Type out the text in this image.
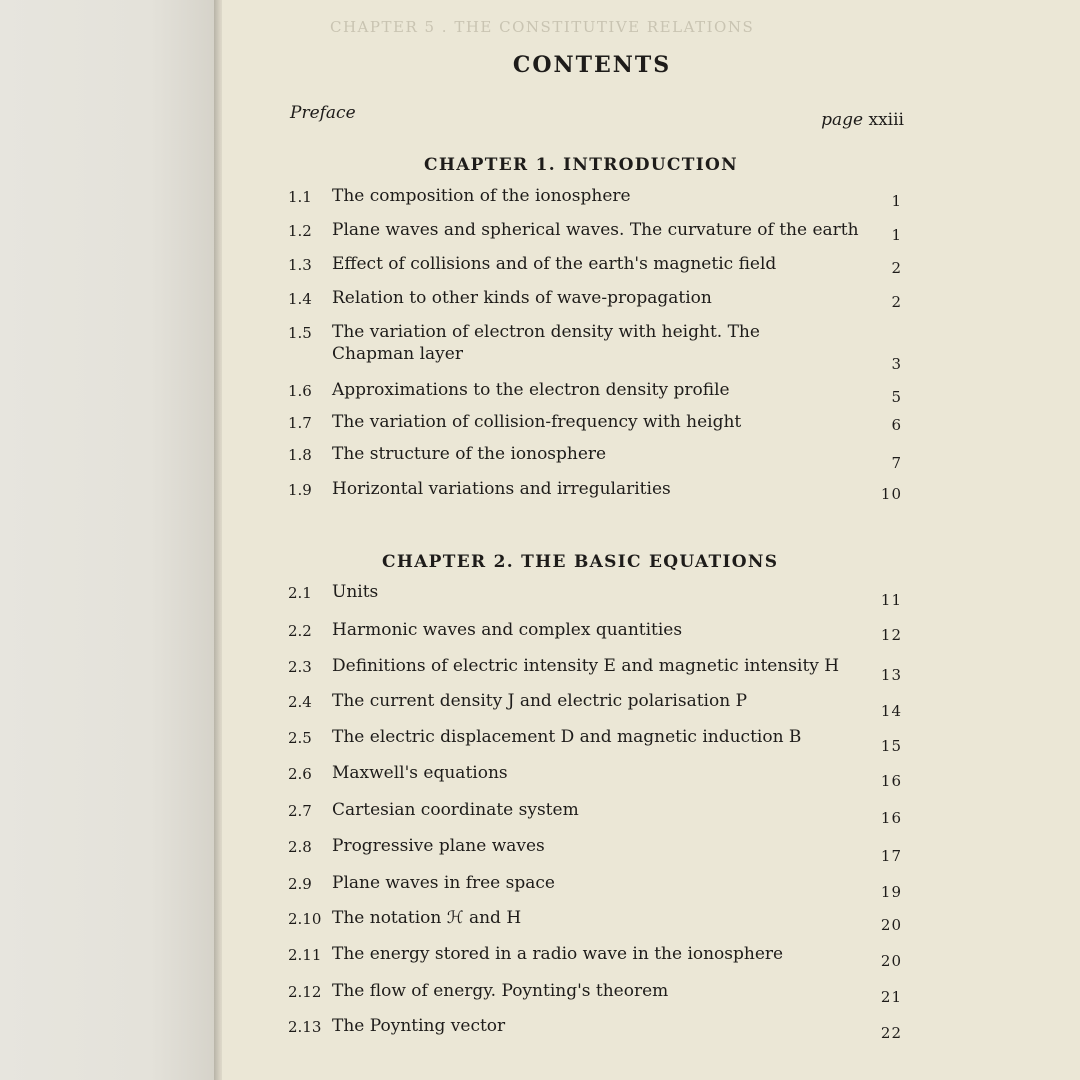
CHAPTER 5 . THE CONSTITUTIVE RELATIONS
CONTENTS
Preface	page xxiii
CHAPTER 1. INTRODUCTION
1.1 The composition of the ionosphere	1
1.2 Plane waves and spherical waves. The curvature of the earth	1
1.3 Effect of collisions and of the earth's magnetic field	2
1.4 Relation to other kinds of wave-propagation	2
1.5 The variation of electron density with height. The Chapman layer	3
1.6 Approximations to the electron density profile	5
1.7 The variation of collision-frequency with height	6
1.8 The structure of the ionosphere	7
1.9 Horizontal variations and irregularities	10
CHAPTER 2. THE BASIC EQUATIONS
2.1 Units	11
2.2 Harmonic waves and complex quantities	12
2.3 Definitions of electric intensity E and magnetic intensity H	13
2.4 The current density J and electric polarisation P	14
2.5 The electric displacement D and magnetic induction B	15
2.6 Maxwell's equations	16
2.7 Cartesian coordinate system	16
2.8 Progressive plane waves	17
2.9 Plane waves in free space	19
2.10 The notation ℋ and H	20
2.11 The energy stored in a radio wave in the ionosphere	20
2.12 The flow of energy. Poynting's theorem	21
2.13 The Poynting vector	22
